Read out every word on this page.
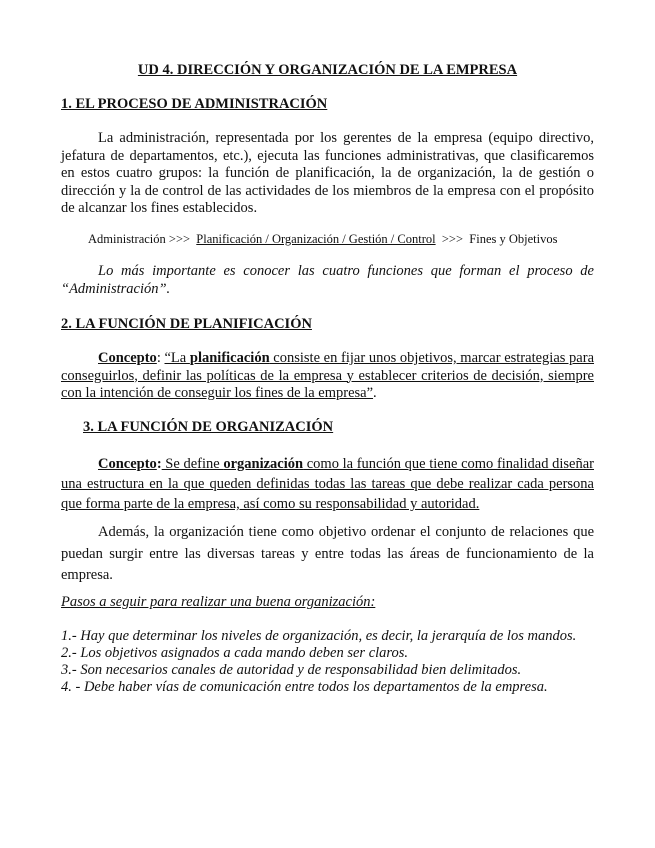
UD 4. DIRECCIÓN Y ORGANIZACIÓN DE LA EMPRESA
1. EL PROCESO DE ADMINISTRACIÓN

La administración, representada por los gerentes de la empresa (equipo directivo, jefatura de departamentos, etc.), ejecuta las funciones administrativas, que clasificaremos en estos cuatro grupos: la función de planificación, la de organización, la de gestión o dirección y la de control de las actividades de los miembros de la empresa con el propósito de alcanzar los fines establecidos.

Administración >>> Planificación / Organización / Gestión / Control >>> Fines y Objetivos

Lo más importante es conocer las cuatro funciones que forman el proceso de “Administración”.

2. LA FUNCIÓN DE PLANIFICACIÓN

Concepto: “La planificación consiste en fijar unos objetivos, marcar estrategias para conseguirlos, definir las políticas de la empresa y establecer criterios de decisión, siempre con la intención de conseguir los fines de la empresa”.

3. LA FUNCIÓN DE ORGANIZACIÓN

Concepto: Se define organización como la función que tiene como finalidad diseñar una estructura en la que queden definidas todas las tareas que debe realizar cada persona que forma parte de la empresa, así como su responsabilidad y autoridad.

Además, la organización tiene como objetivo ordenar el conjunto de relaciones que puedan surgir entre las diversas tareas y entre todas las áreas de funcionamiento de la empresa.

Pasos a seguir para realizar una buena organización:

1.- Hay que determinar los niveles de organización, es decir, la jerarquía de los mandos.
2.- Los objetivos asignados a cada mando deben ser claros.
3.- Son necesarios canales de autoridad y de responsabilidad bien delimitados.
4. - Debe haber vías de comunicación entre todos los departamentos de la empresa.
